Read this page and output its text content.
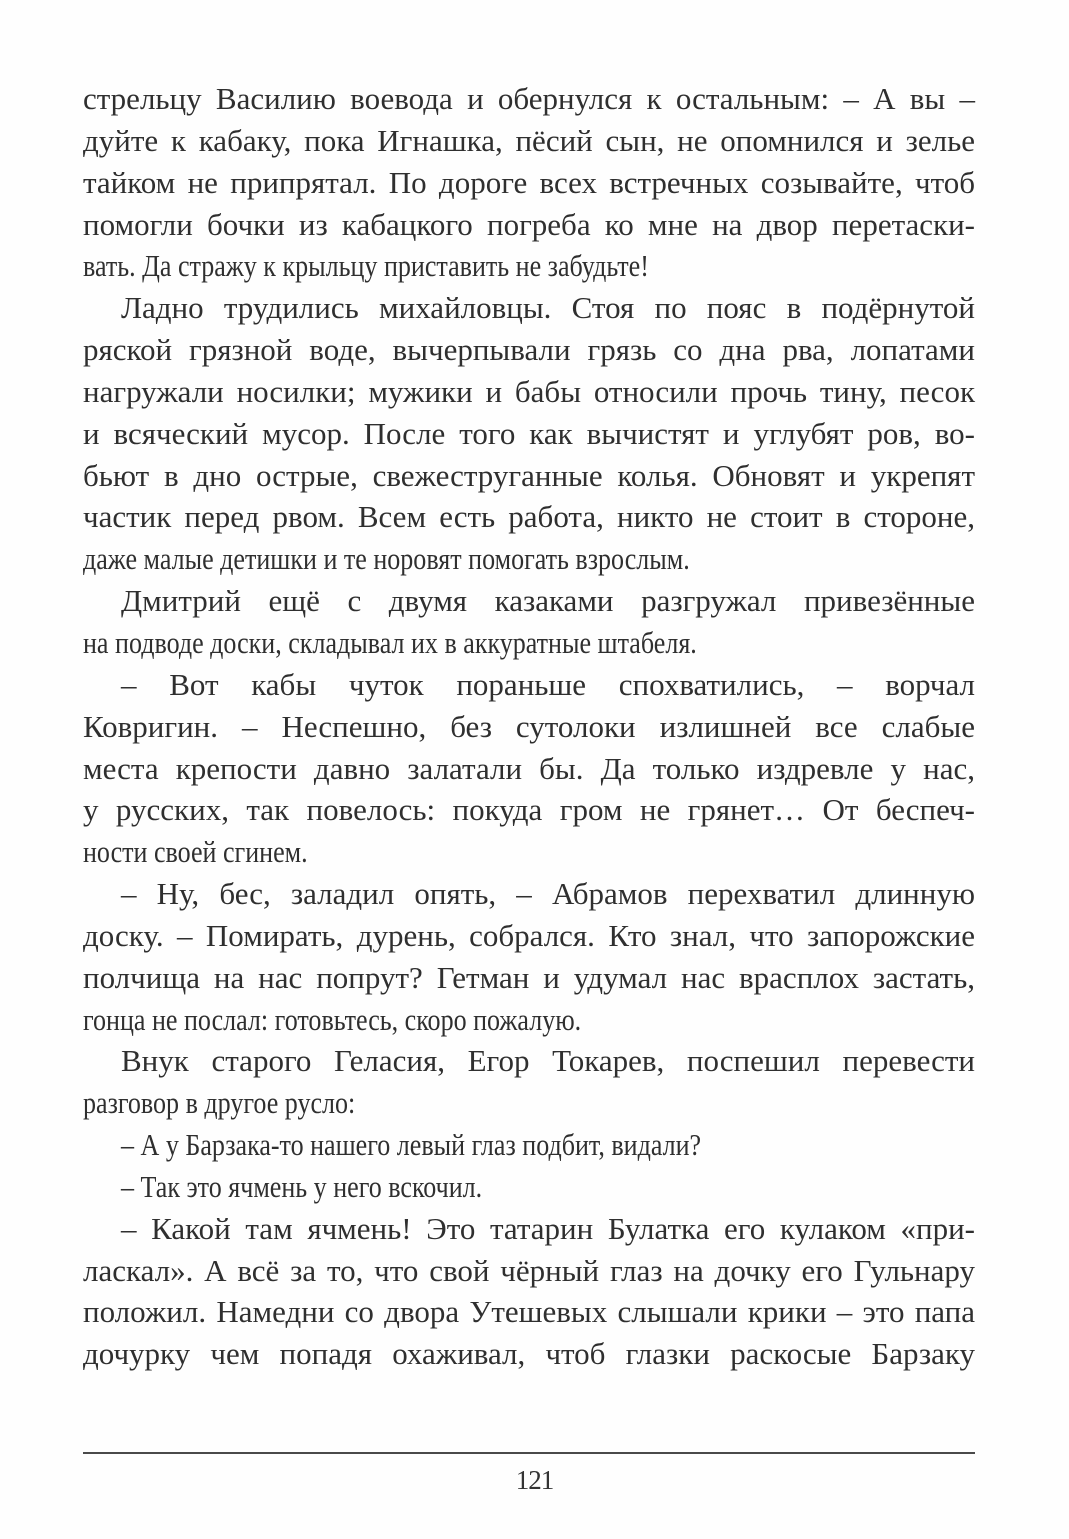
стрельцу Василию воевода и обернулся к остальным: – А вы –
дуйте к кабаку, пока Игнашка, пёсий сын, не опомнился и зелье
тайком не припрятал. По дороге всех встречных созывайте, чтоб
помогли бочки из кабацкого погреба ко мне на двор перетаски-
вать. Да стражу к крыльцу приставить не забудьте!
Ладно трудились михайловцы. Стоя по пояс в подёрнутой
ряской грязной воде, вычерпывали грязь со дна рва, лопатами
нагружали носилки; мужики и бабы относили прочь тину, песок
и всяческий мусор. После того как вычистят и углубят ров, во-
бьют в дно острые, свежеструганные колья. Обновят и укрепят
частик перед рвом. Всем есть работа, никто не стоит в стороне,
даже малые детишки и те норовят помогать взрослым.
Дмитрий ещё с двумя казаками разгружал привезённые
на подводе доски, складывал их в аккуратные штабеля.
– Вот кабы чуток пораньше спохватились, – ворчал
Ковригин. – Неспешно, без сутолоки излишней все слабые
места крепости давно залатали бы. Да только издревле у нас,
у русских, так повелось: покуда гром не грянет… От беспеч-
ности своей сгинем.
– Ну, бес, заладил опять, – Абрамов перехватил длинную
доску. – Помирать, дурень, собрался. Кто знал, что запорожские
полчища на нас попрут? Гетман и удумал нас врасплох застать,
гонца не послал: готовьтесь, скоро пожалую.
Внук старого Геласия, Егор Токарев, поспешил перевести
разговор в другое русло:
– А у Барзака-то нашего левый глаз подбит, видали?
– Так это ячмень у него вскочил.
– Какой там ячмень! Это татарин Булатка его кулаком «при-
ласкал». А всё за то, что свой чёрный глаз на дочку его Гульнару
положил. Намедни со двора Утешевых слышали крики – это папа
дочурку чем попадя охаживал, чтоб глазки раскосые Барзаку
121
